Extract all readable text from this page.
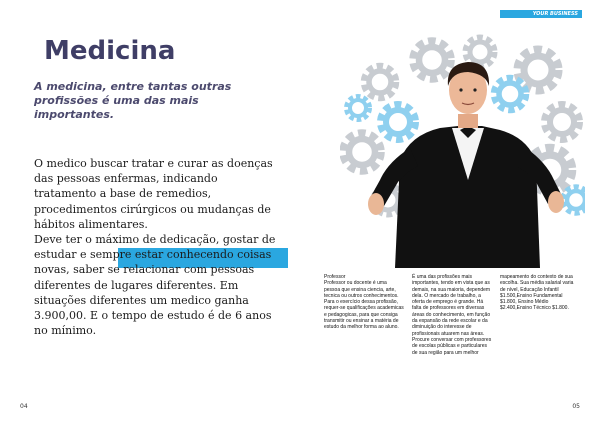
Medicina

A medicina, entre tantas outras profissões é uma das mais importantes.

O medico buscar tratar e curar as doenças das pessoas enfermas, indicando tratamento a base de remedios, procedimentos cirúrgicos ou mudanças de hábitos alimentares.

Deve ter o máximo de dedicação, gostar de estudar e sempre estar conhecendo coisas novas, saber se relacionar com pessoas diferentes de lugares diferentes. Em situações diferentes um medico ganha 3.900,00. E o tempo de estudo é de 6 anos no mínimo.

04
YOUR BUSINESS
Professor
Professor ou docente é uma pessoa que ensina ciencia, arte, tecnica ou outros conhecimentos. Para o exercício dessa profissão, requer-se qualificações academicas e pedagogicas, para que consiga transmitir ou ensinar a matéria de estudo da melhor forma ao aluno.
É uma das profissões mais importantes, tendo em vista que as demais, na sua maioria, dependem dela. O mercado de trabalho, a oferta de emprego é grande. Há falta de professores em diversas áreas do conhecimento, em função da expansão da rede escolar e da diminuição do interesse de profissionais atuarem nas áreas. Procure conversar com professores de escolas públicas e particulares de sua região para um melhor
mapeamento do contexto de sua escolha. Sua média salarial varia de nível, Educação Infantil $1.500,Ensino Fundamental $1.800, Ensino Médio $2.400,Ensino Técnico $1.800.
05
